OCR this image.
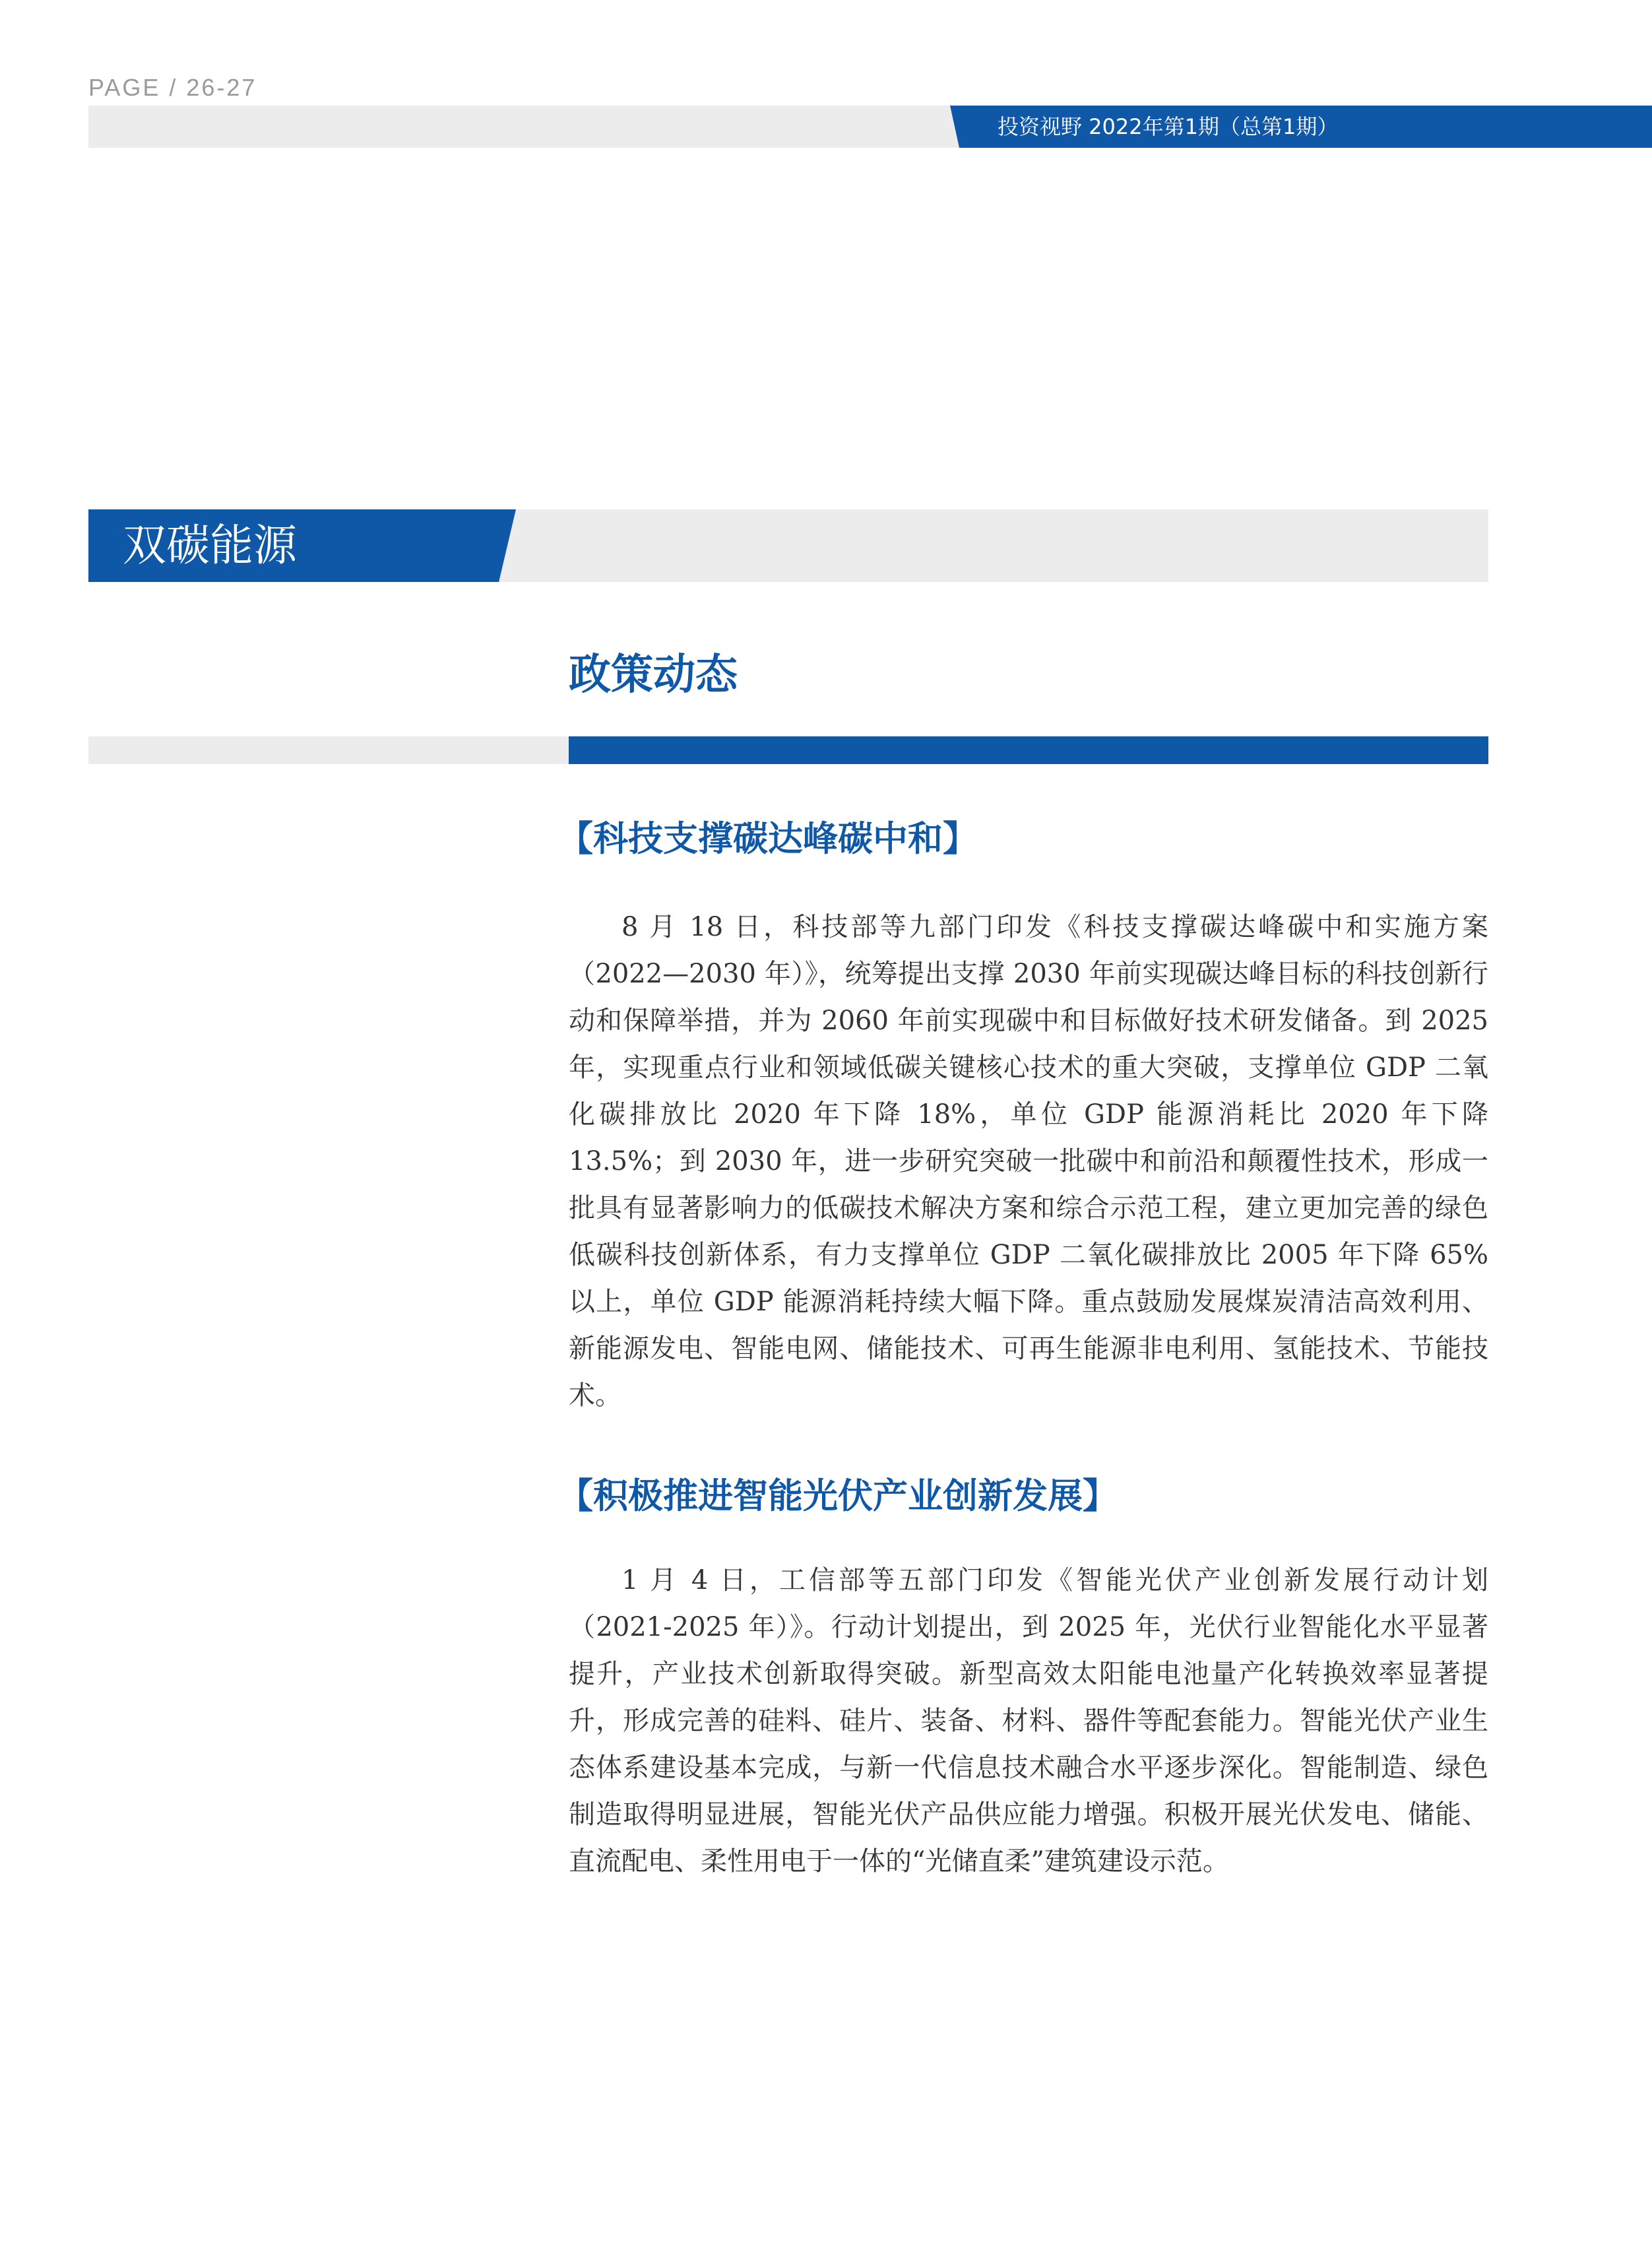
PAGE / 26-27
投资视野 2022年第1期（总第1期）
双碳能源
政策动态
【科技支撑碳达峰碳中和】

8 月 18 日，科技部等九部门印发《科技支撑碳达峰碳中和实施方案（2022—2030 年）》，统筹提出支撑 2030 年前实现碳达峰目标的科技创新行动和保障举措，并为 2060 年前实现碳中和目标做好技术研发储备。到 2025 年，实现重点行业和领域低碳关键核心技术的重大突破，支撑单位 GDP 二氧化碳排放比 2020 年下降 18%，单位 GDP 能源消耗比 2020 年下降 13.5%；到 2030 年，进一步研究突破一批碳中和前沿和颠覆性技术，形成一批具有显著影响力的低碳技术解决方案和综合示范工程，建立更加完善的绿色低碳科技创新体系，有力支撑单位 GDP 二氧化碳排放比 2005 年下降 65% 以上，单位 GDP 能源消耗持续大幅下降。重点鼓励发展煤炭清洁高效利用、新能源发电、智能电网、储能技术、可再生能源非电利用、氢能技术、节能技术。

【积极推进智能光伏产业创新发展】

1 月 4 日，工信部等五部门印发《智能光伏产业创新发展行动计划（2021-2025 年）》。行动计划提出，到 2025 年，光伏行业智能化水平显著提升，产业技术创新取得突破。新型高效太阳能电池量产化转换效率显著提升，形成完善的硅料、硅片、装备、材料、器件等配套能力。智能光伏产业生态体系建设基本完成，与新一代信息技术融合水平逐步深化。智能制造、绿色制造取得明显进展，智能光伏产品供应能力增强。积极开展光伏发电、储能、直流配电、柔性用电于一体的“光储直柔”建筑建设示范。
